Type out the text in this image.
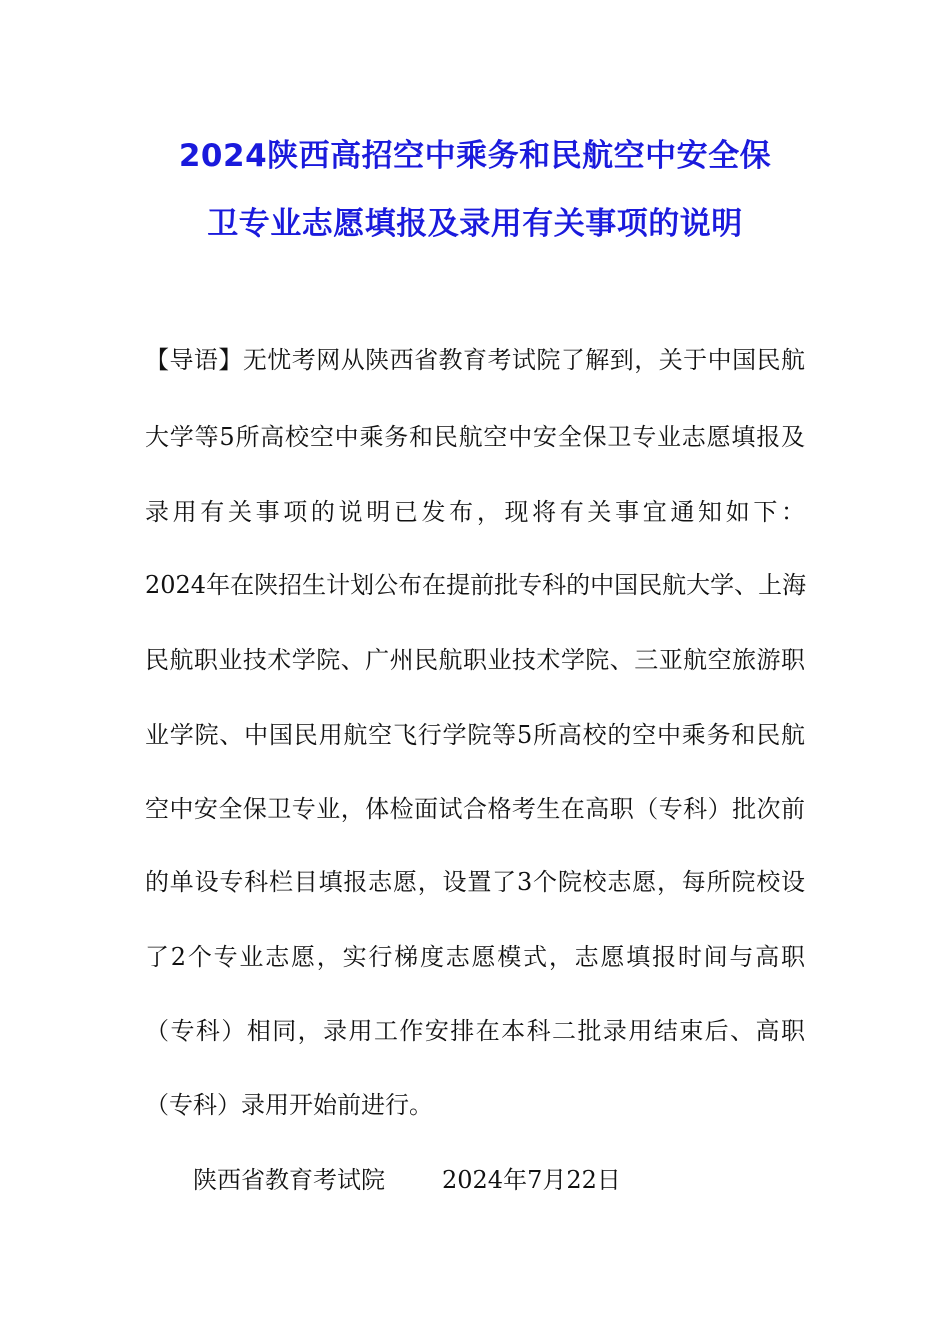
2024陕西高招空中乘务和民航空中安全保
卫专业志愿填报及录用有关事项的说明
【导语】无忧考网从陕西省教育考试院了解到，关于中国民航
大学等5所高校空中乘务和民航空中安全保卫专业志愿填报及
录用有关事项的说明已发布，现将有关事宜通知如下：
2024年在陕招生计划公布在提前批专科的中国民航大学、上海
民航职业技术学院、广州民航职业技术学院、三亚航空旅游职
业学院、中国民用航空飞行学院等5所高校的空中乘务和民航
空中安全保卫专业，体检面试合格考生在高职（专科）批次前
的单设专科栏目填报志愿，设置了3个院校志愿，每所院校设
了2个专业志愿，实行梯度志愿模式，志愿填报时间与高职
（专科）相同，录用工作安排在本科二批录用结束后、高职
（专科）录用开始前进行。
陕西省教育考试院 2024年7月22日
